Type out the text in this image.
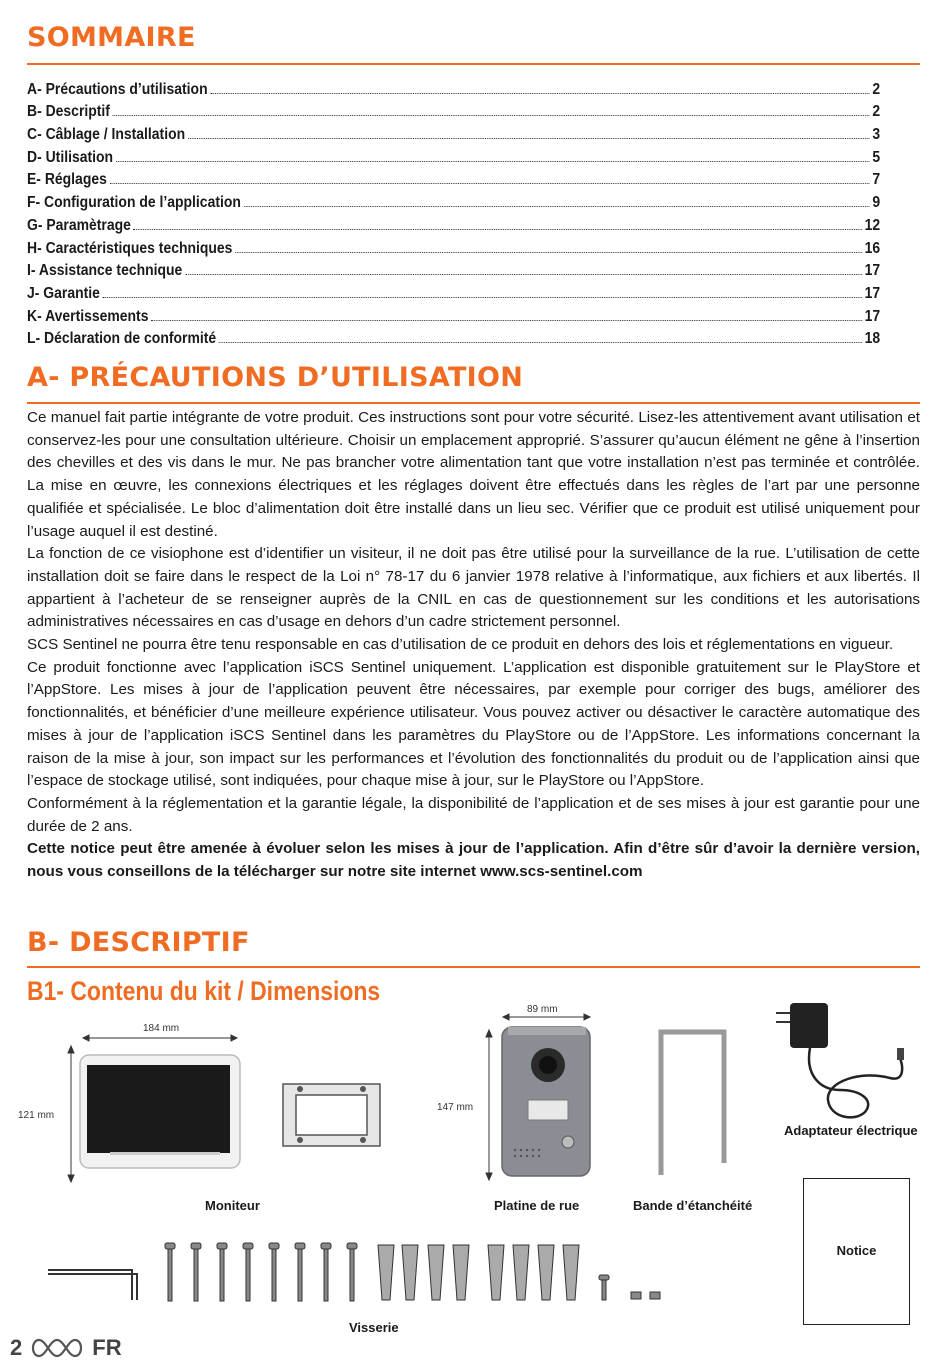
SOMMAIRE
A- Précautions d’utilisation	2
B- Descriptif	2
C- Câblage / Installation	3
D- Utilisation	5
E- Réglages	7
F- Configuration de l’application	9
G- Paramètrage	12
H- Caractéristiques techniques	16
I- Assistance technique	17
J- Garantie	17
K- Avertissements	17
L- Déclaration de conformité	18
A- PRÉCAUTIONS D’UTILISATION

Ce manuel fait partie intégrante de votre produit. Ces instructions sont pour votre sécurité. Lisez-les attentivement avant utilisation et conservez-les pour une consultation ultérieure. Choisir un emplacement approprié. S’assurer qu’aucun élément ne gêne à l’insertion des chevilles et des vis dans le mur. Ne pas brancher votre alimentation tant que votre installation n’est pas terminée et contrôlée. La mise en œuvre, les connexions électriques et les réglages doivent être effectués dans les règles de l’art par une personne qualifiée et spécialisée. Le bloc d’alimentation doit être installé dans un lieu sec. Vérifier que ce produit est utilisé uniquement pour l’usage auquel il est destiné.

La fonction de ce visiophone est d’identifier un visiteur, il ne doit pas être utilisé pour la surveillance de la rue. L’utilisation de cette installation doit se faire dans le respect de la Loi n° 78-17 du 6 janvier 1978 relative à l’informatique, aux fichiers et aux libertés. Il appartient à l’acheteur de se renseigner auprès de la CNIL en cas de questionnement sur les conditions et les autorisations administratives nécessaires en cas d’usage en dehors d’un cadre strictement personnel.

SCS Sentinel ne pourra être tenu responsable en cas d’utilisation de ce produit en dehors des lois et réglementations en vigueur.

Ce produit fonctionne avec l’application iSCS Sentinel uniquement. L’application est disponible gratuitement sur le PlayStore et l’AppStore. Les mises à jour de l’application peuvent être nécessaires, par exemple pour corriger des bugs, améliorer des fonctionnalités, et bénéficier d’une meilleure expérience utilisateur. Vous pouvez activer ou désactiver le caractère automatique des mises à jour de l’application iSCS Sentinel dans les paramètres du PlayStore ou de l’AppStore. Les informations concernant la raison de la mise à jour, son impact sur les performances et l’évolution des fonctionnalités du produit ou de l’application ainsi que l’espace de stockage utilisé, sont indiquées, pour chaque mise à jour, sur le PlayStore ou l’AppStore.

Conformément à la réglementation et la garantie légale, la disponibilité de l’application et de ses mises à jour est garantie pour une durée de 2 ans.

Cette notice peut être amenée à évoluer selon les mises à jour de l’application. Afin d’être sûr d’avoir la dernière version, nous vous conseillons de la télécharger sur notre site internet www.scs-sentinel.com

B- DESCRIPTIF
B1- Contenu du kit / Dimensions
184 mm
121 mm
89 mm
147 mm
Moniteur	Platine de rue	Bande d’étanchéité
Adaptateur électrique
Visserie
Notice
2	FR
